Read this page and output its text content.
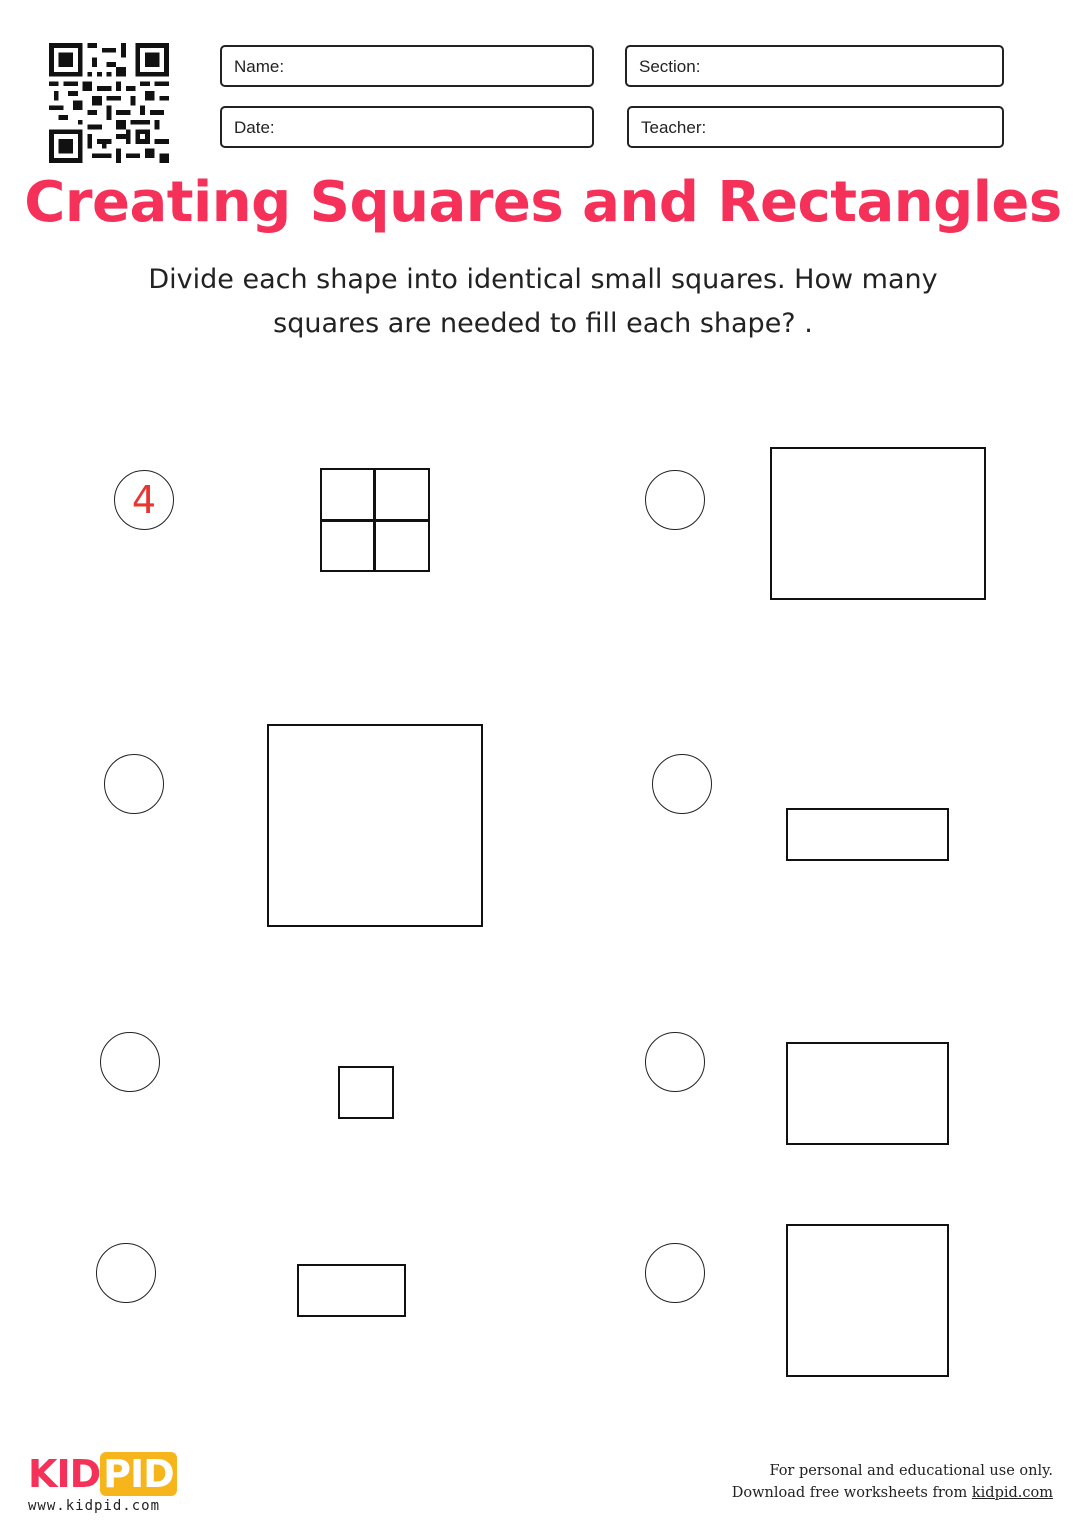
Name:	Section:
Date:	Teacher:
Creating Squares and Rectangles
Divide each shape into identical small squares. How many
squares are needed to fill each shape? .
4
KIDPID
www.kidpid.com
For personal and educational use only.
Download free worksheets from kidpid.com
